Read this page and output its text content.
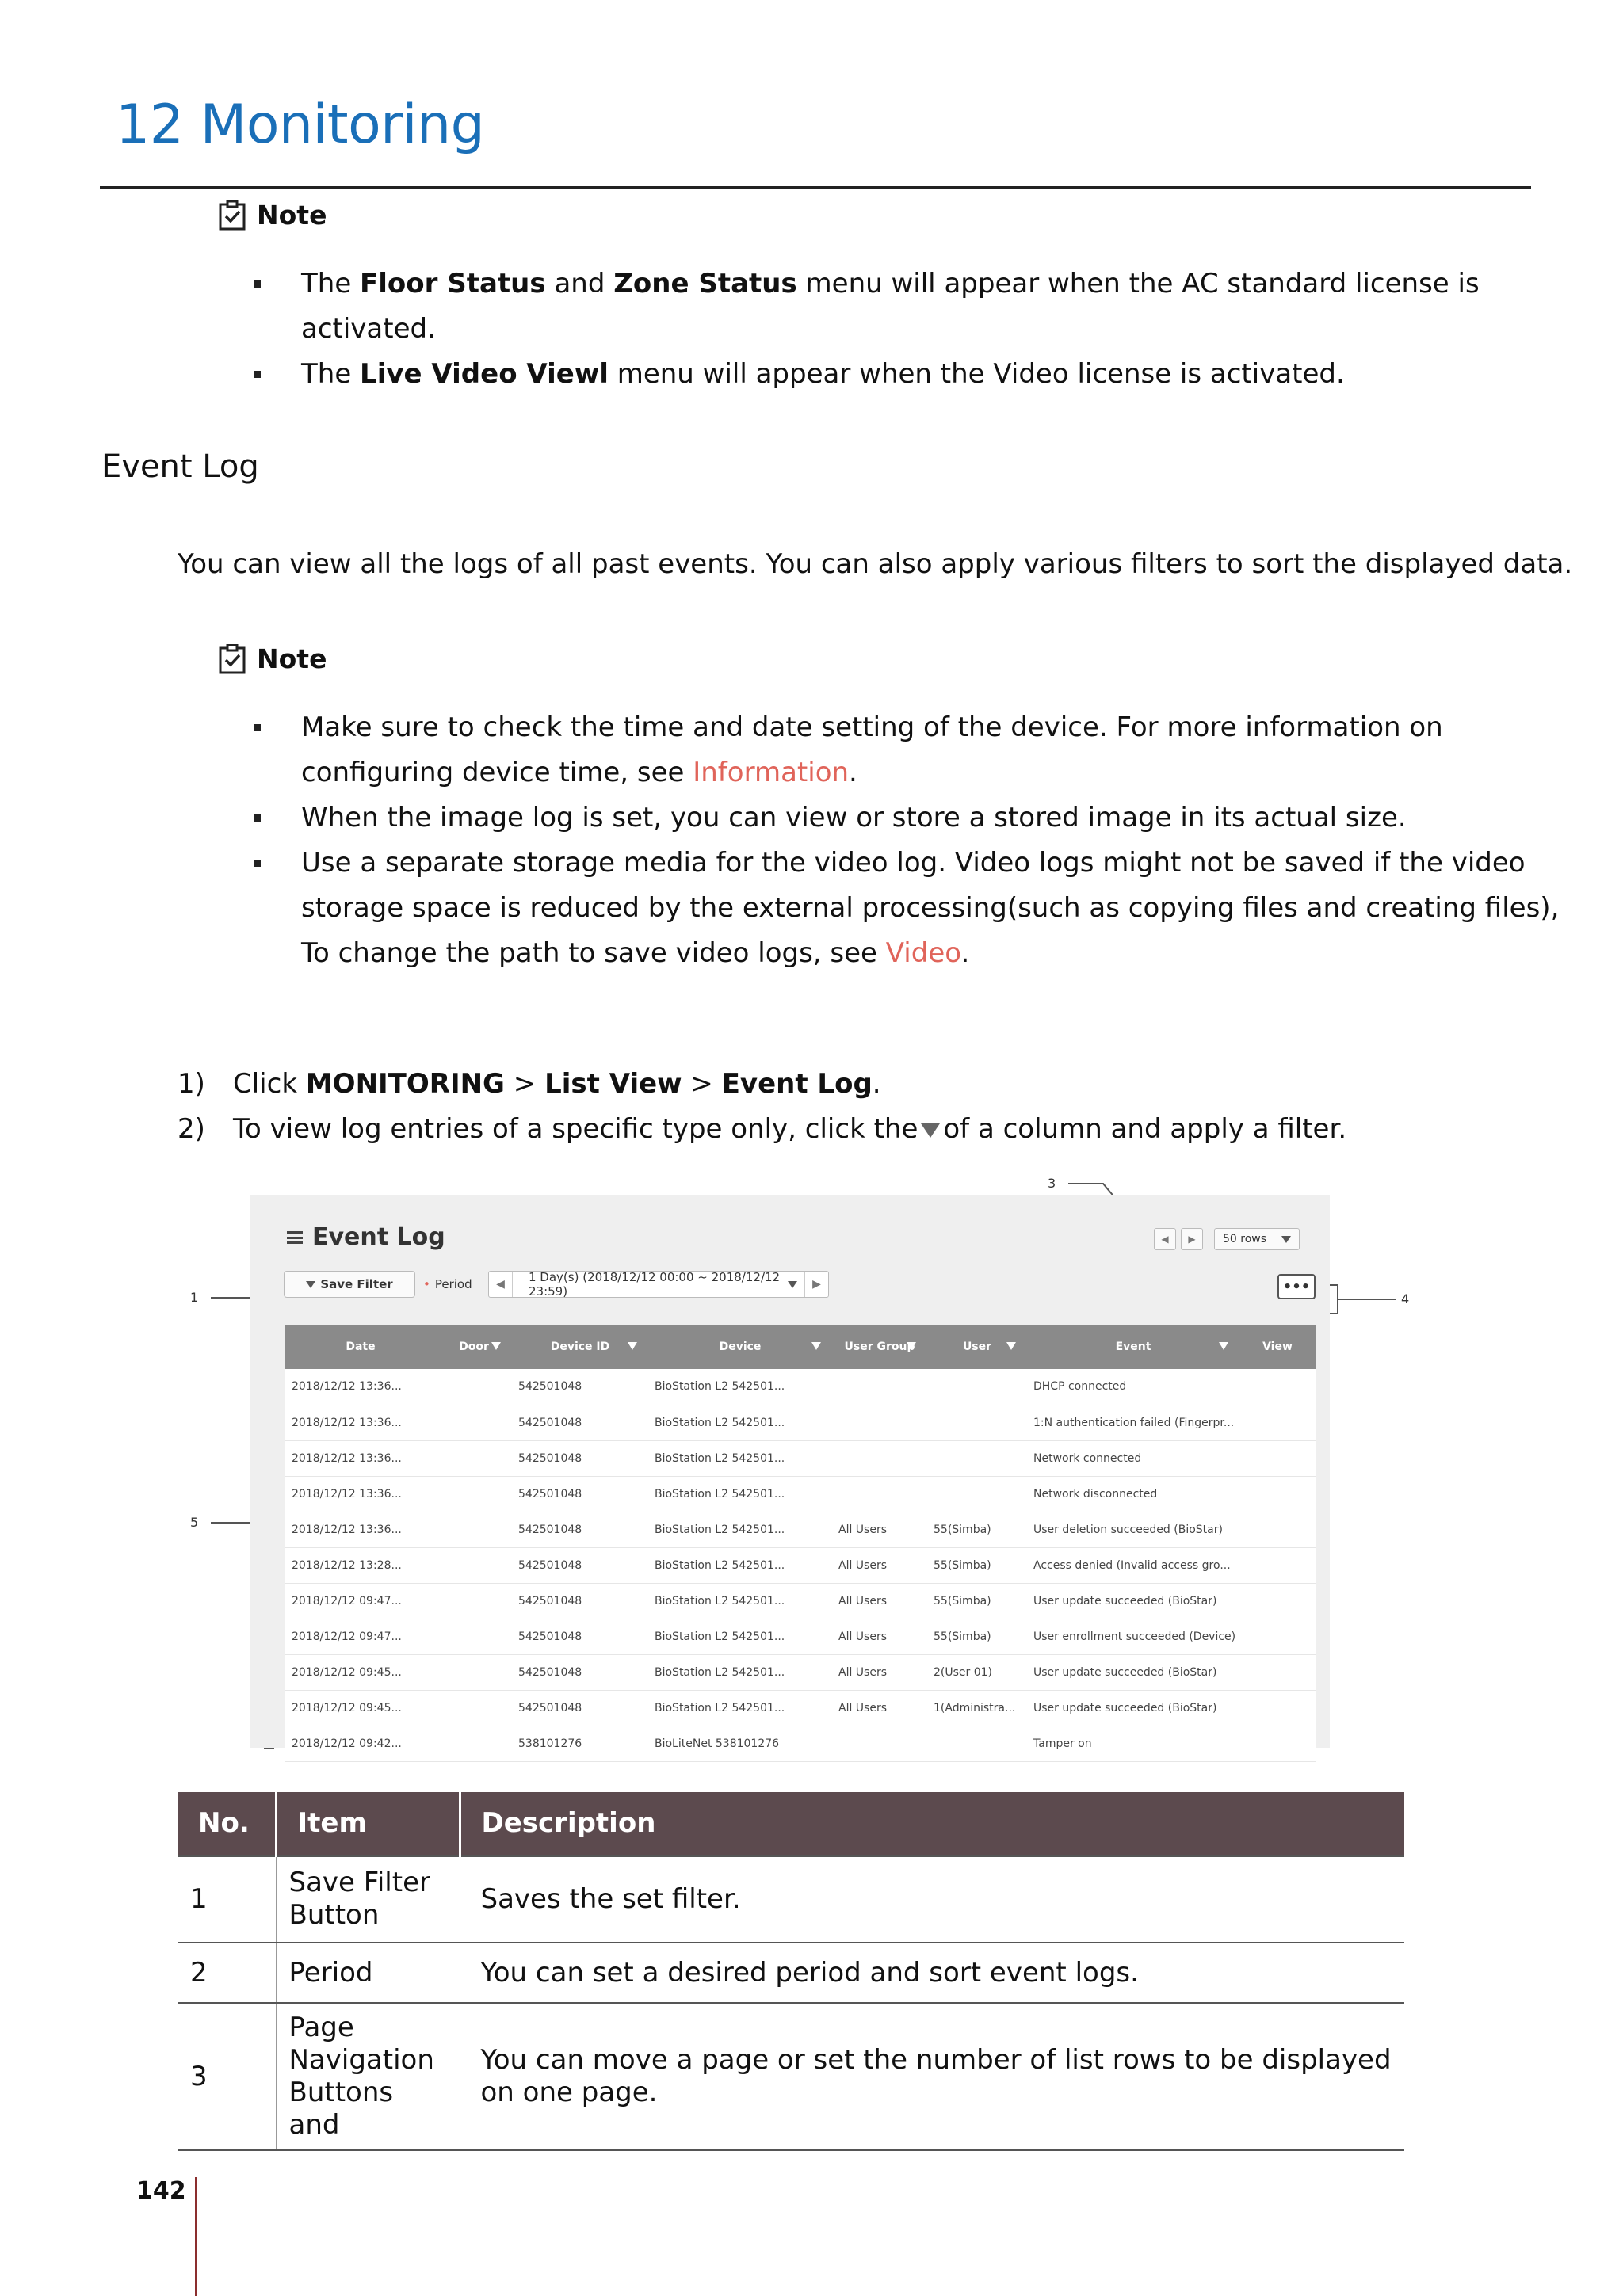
12 Monitoring
Note
The Floor Status and Zone Status menu will appear when the AC standard license is
activated.
The Live Video Viewl menu will appear when the Video license is activated.
Event Log
You can view all the logs of all past events. You can also apply various filters to sort the displayed data.
Note
Make sure to check the time and date setting of the device. For more information on
configuring device time, see Information.
When the image log is set, you can view or store a stored image in its actual size.
Use a separate storage media for the video log. Video logs might not be saved if the video
storage space is reduced by the external processing(such as copying files and creating files),
To change the path to save video logs, see Video.
1)	Click MONITORING > List View > Event Log.
2)	To view log entries of a specific type only, click the of a column and apply a filter.
3
1	4
5
Event Log	◀	▶	50 rows
Save Filter	• Period	◀	1 Day(s) (2018/12/12 00:00 ~ 2018/12/12 23:59)	▶	•••
Date	Door	Device ID	Device	User Group	User	Event	View
2018/12/12 13:36...		542501048	BioStation L2 542501...			DHCP connected	
2018/12/12 13:36...		542501048	BioStation L2 542501...			1:N authentication failed (Fingerpr...	
2018/12/12 13:36...		542501048	BioStation L2 542501...			Network connected	
2018/12/12 13:36...		542501048	BioStation L2 542501...			Network disconnected	
2018/12/12 13:36...		542501048	BioStation L2 542501...	All Users	55(Simba)	User deletion succeeded (BioStar)	
2018/12/12 13:28...		542501048	BioStation L2 542501...	All Users	55(Simba)	Access denied (Invalid access gro...	
2018/12/12 09:47...		542501048	BioStation L2 542501...	All Users	55(Simba)	User update succeeded (BioStar)	
2018/12/12 09:47...		542501048	BioStation L2 542501...	All Users	55(Simba)	User enrollment succeeded (Device)	
2018/12/12 09:45...		542501048	BioStation L2 542501...	All Users	2(User 01)	User update succeeded (BioStar)	
2018/12/12 09:45...		542501048	BioStation L2 542501...	All Users	1(Administra...	User update succeeded (BioStar)	
2018/12/12 09:42...		538101276	BioLiteNet 538101276			Tamper on	
No.	Item	Description
1	Save Filter Button	Saves the set filter.
2	Period	You can set a desired period and sort event logs.
3	Page Navigation Buttons and	You can move a page or set the number of list rows to be displayed on one page.
142
